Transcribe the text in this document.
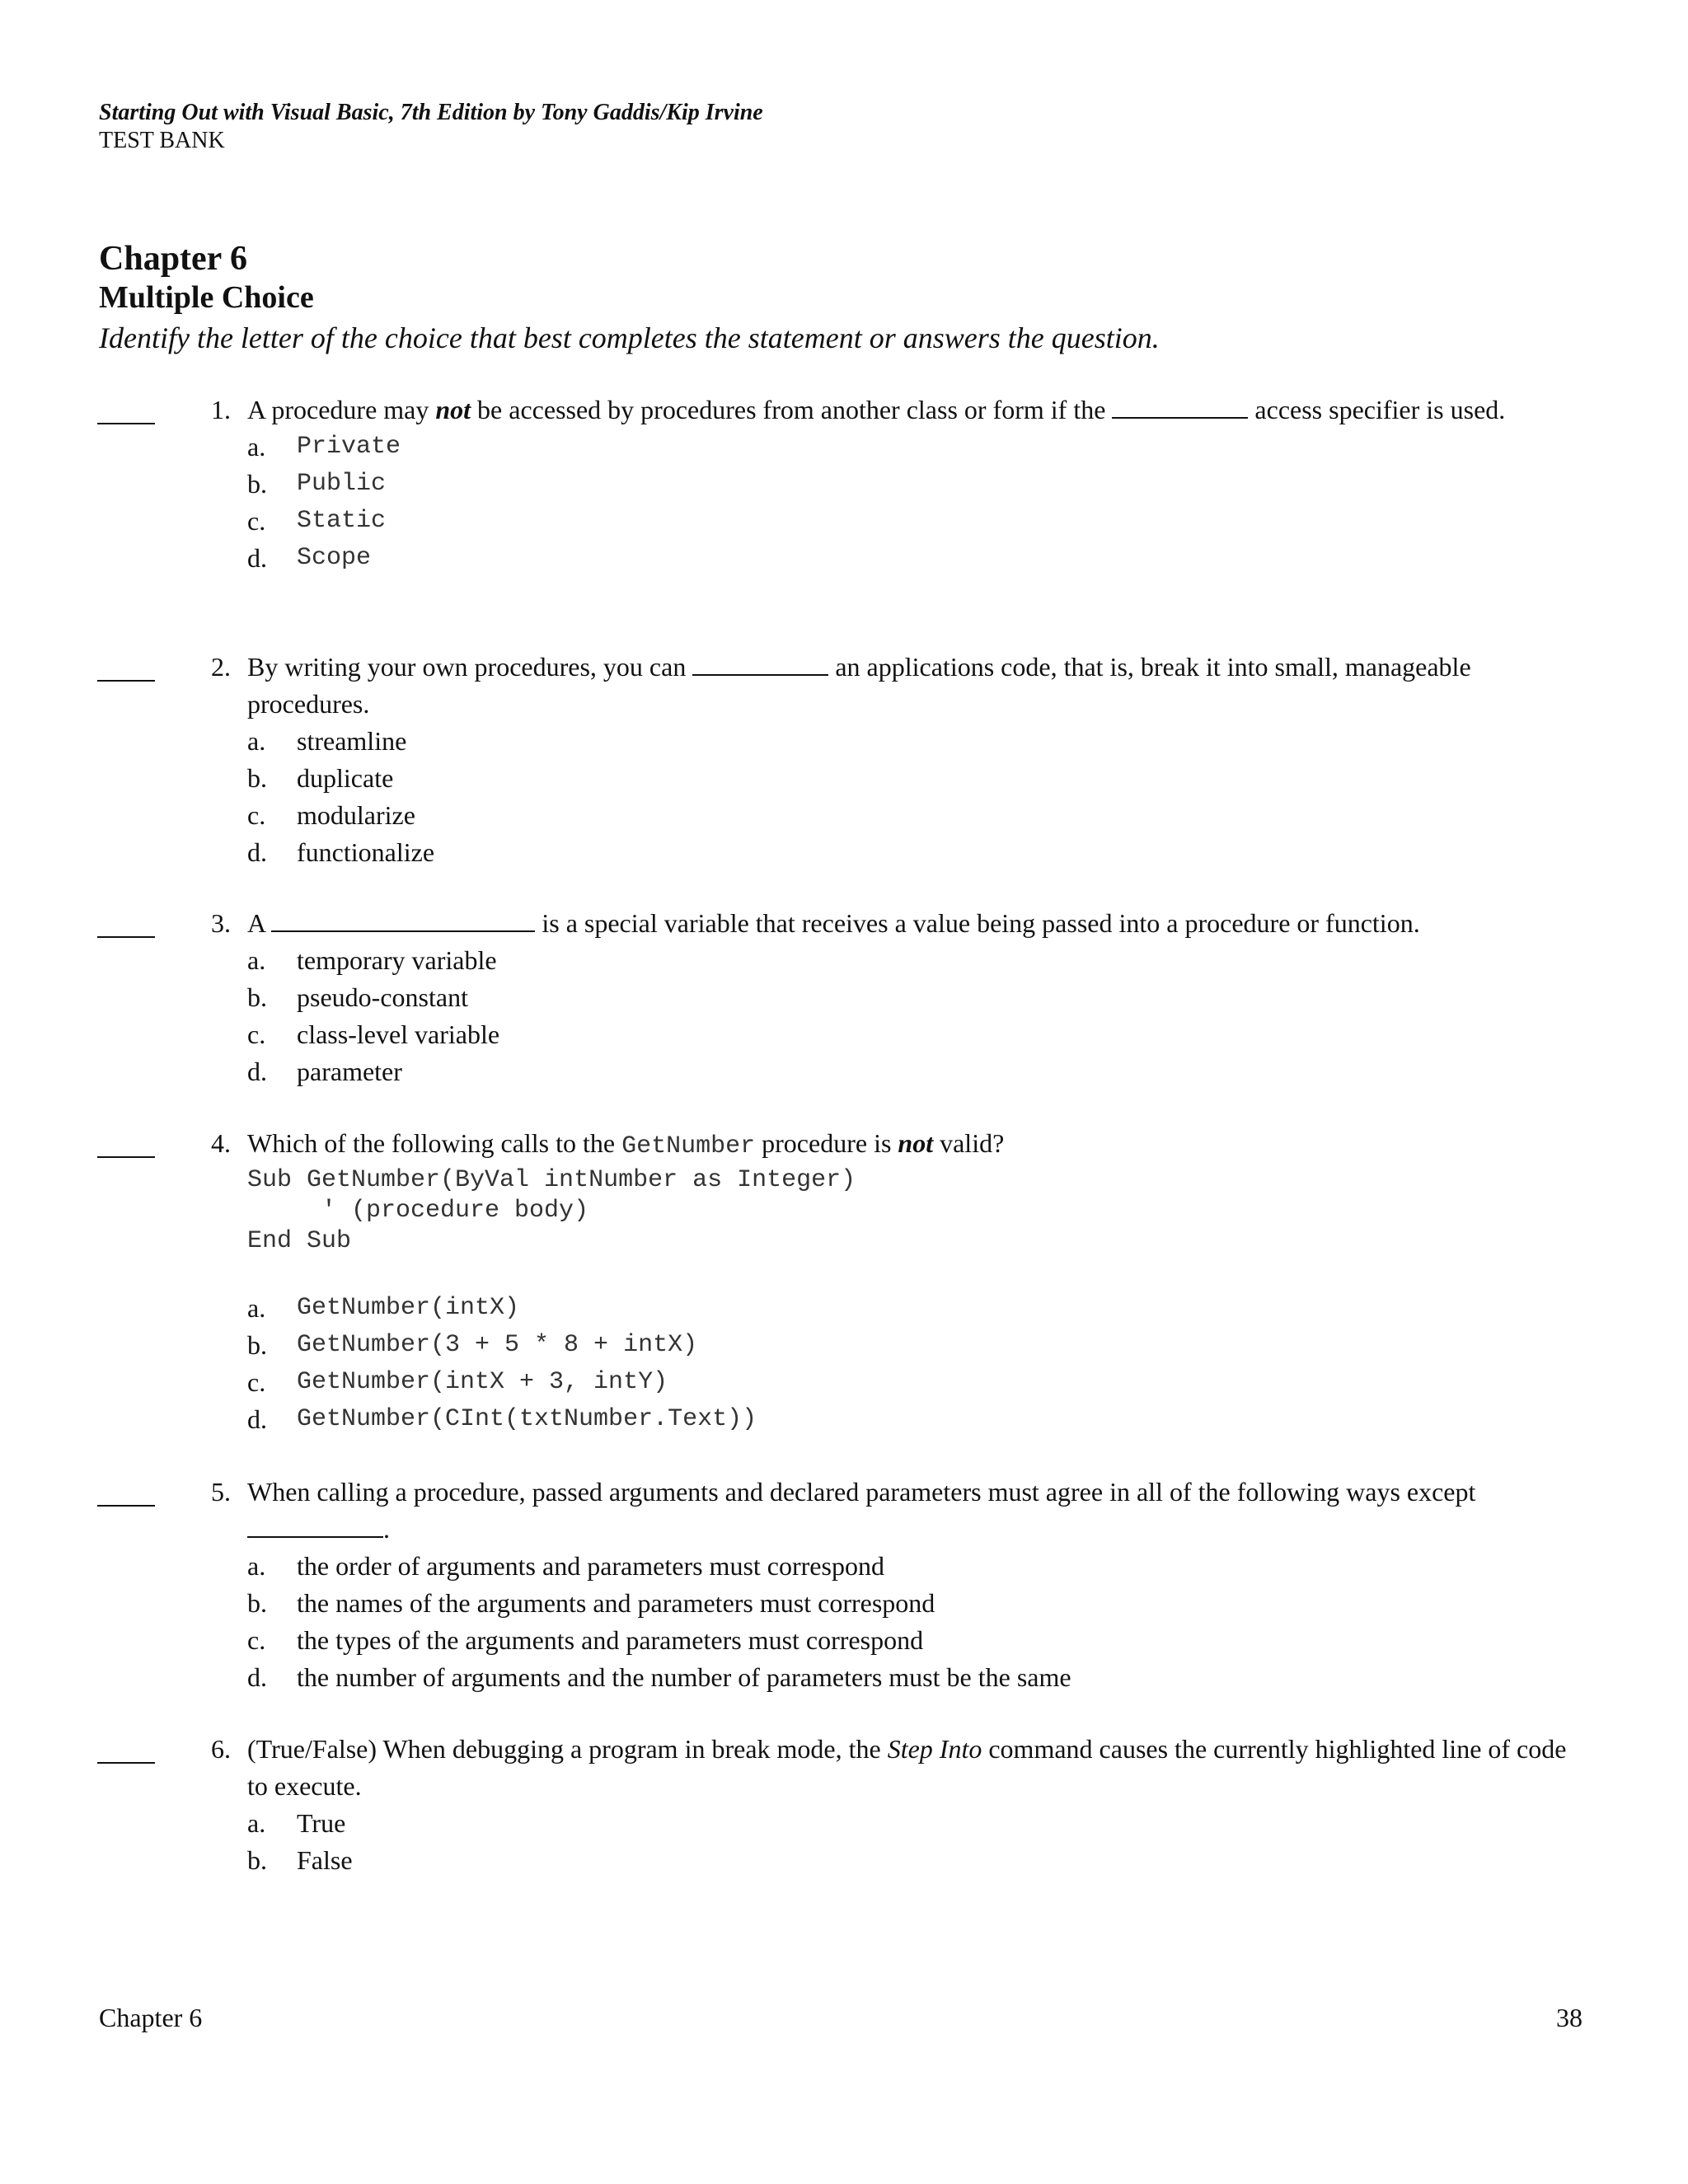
Starting Out with Visual Basic, 7th Edition by Tony Gaddis/Kip Irvine
TEST BANK
Chapter 6
Multiple Choice
Identify the letter of the choice that best completes the statement or answers the question.
1. A procedure may not be accessed by procedures from another class or form if the	access specifier is used.

a.	Private
b.	Public
c.	Static
d.	Scope
2. By writing your own procedures, you can	an applications code, that is, break it into small, manageable procedures.

a.	streamline
b.	duplicate
c.	modularize
d.	functionalize
3. A	is a special variable that receives a value being passed into a procedure or function.

a.	temporary variable
b.	pseudo-constant
c.	class-level variable
d.	parameter
4. Which of the following calls to the GetNumber procedure is not valid?

Sub GetNumber(ByVal intNumber as Integer)
' (procedure body)
End Sub
a.	GetNumber(intX)
b.	GetNumber(3 + 5 * 8 + intX)
c.	GetNumber(intX + 3, intY)
d.	GetNumber(CInt(txtNumber.Text))
5. When calling a procedure, passed arguments and declared parameters must agree in all of the following ways except .

a.	the order of arguments and parameters must correspond
b.	the names of the arguments and parameters must correspond
c.	the types of the arguments and parameters must correspond
d.	the number of arguments and the number of parameters must be the same
6. (True/False) When debugging a program in break mode, the Step Into command causes the currently highlighted line of code to execute.

a.	True
b.	False
Chapter 6	38
